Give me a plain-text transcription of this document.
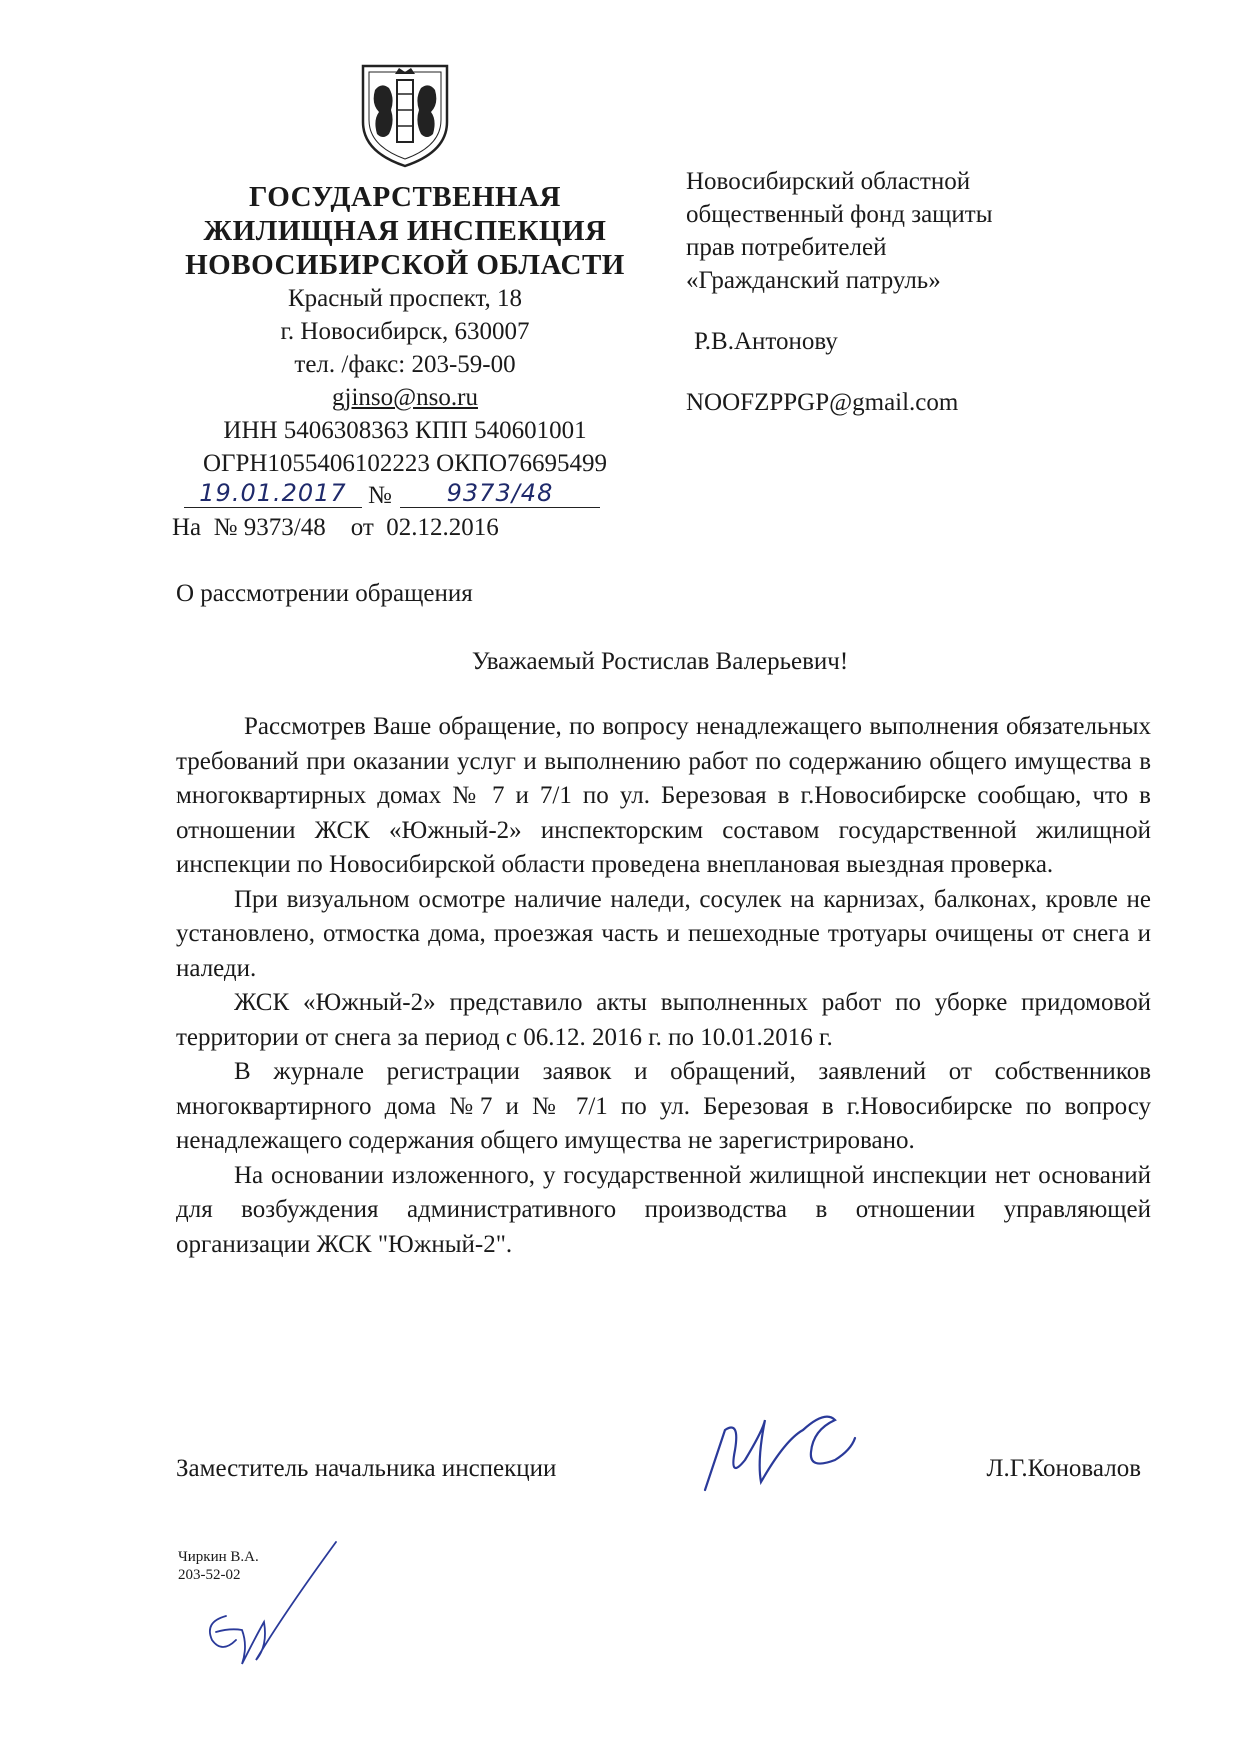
ГОСУДАРСТВЕННАЯ
ЖИЛИЩНАЯ ИНСПЕКЦИЯ
НОВОСИБИРСКОЙ ОБЛАСТИ
Красный проспект, 18
г. Новосибирск, 630007
тел. /факс: 203-59-00
gjinso@nso.ru
ИНН 5406308363 КПП 540601001
ОГРН1055406102223 ОКПО76695499
19.01.2017 №	9373/48
На  № 9373/48    от  02.12.2016
Новосибирский областной
общественный фонд защиты
прав потребителей
«Гражданский патруль»
Р.В.Антонову
NOOFZPPGP@gmail.com
О рассмотрении обращения
Уважаемый Ростислав Валерьевич!

Рассмотрев Ваше обращение, по вопросу ненадлежащего выполнения обязательных требований при оказании услуг и выполнению работ по содержанию общего имущества в многоквартирных домах № 7 и 7/1 по ул. Березовая в г.Новосибирске сообщаю, что в отношении ЖСК «Южный-2» инспекторским составом государственной жилищной инспекции по Новосибирской области проведена внеплановая выездная проверка.

При визуальном осмотре наличие наледи, сосулек на карнизах, балконах, кровле не установлено, отмостка дома, проезжая часть и пешеходные тротуары очищены от снега и наледи.

ЖСК «Южный-2» представило акты выполненных работ по уборке придомовой территории от снега за период с 06.12. 2016 г. по 10.01.2016 г.

В журнале регистрации заявок и обращений, заявлений от собственников многоквартирного дома №7 и № 7/1 по ул. Березовая в г.Новосибирске по вопросу ненадлежащего содержания общего имущества не зарегистрировано.

На основании изложенного, у государственной жилищной инспекции нет оснований для возбуждения административного производства в отношении управляющей организации ЖСК "Южный-2".

Заместитель начальника инспекции	Л.Г.Коновалов
Чиркин В.А.
203-52-02
